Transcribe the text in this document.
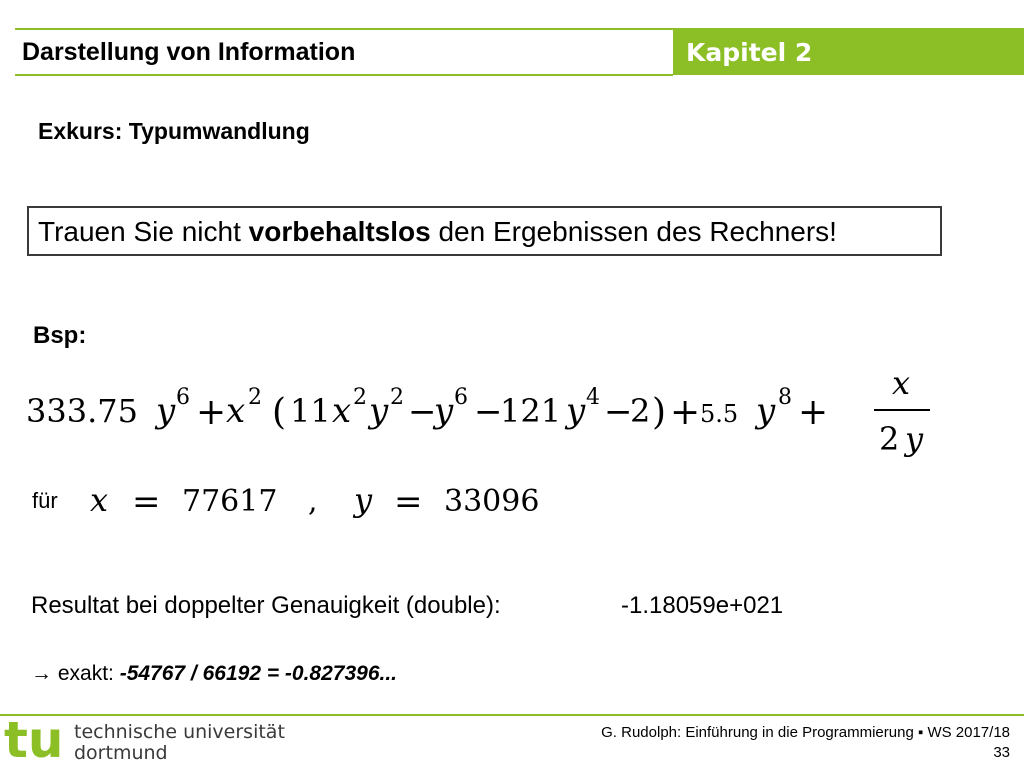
Darstellung von Information	Kapitel 2
Exkurs: Typumwandlung
Trauen Sie nicht vorbehaltslos den Ergebnissen des Rechners!
Bsp:
333.75 y 6 + x 2 ( 11 x 2 y 2 −
y 6 −
121 y 4 −
2 ) + 5.5 y 8 +
x
2 y
für x = 77617 , y = 33096
Resultat bei doppelter Genauigkeit (double):	-1.18059e+021
→ exakt: -54767 / 66192 = -0.827396...
tu technische universität
dortmund
G. Rudolph: Einführung in die Programmierung ▪ WS 2017/18
33
